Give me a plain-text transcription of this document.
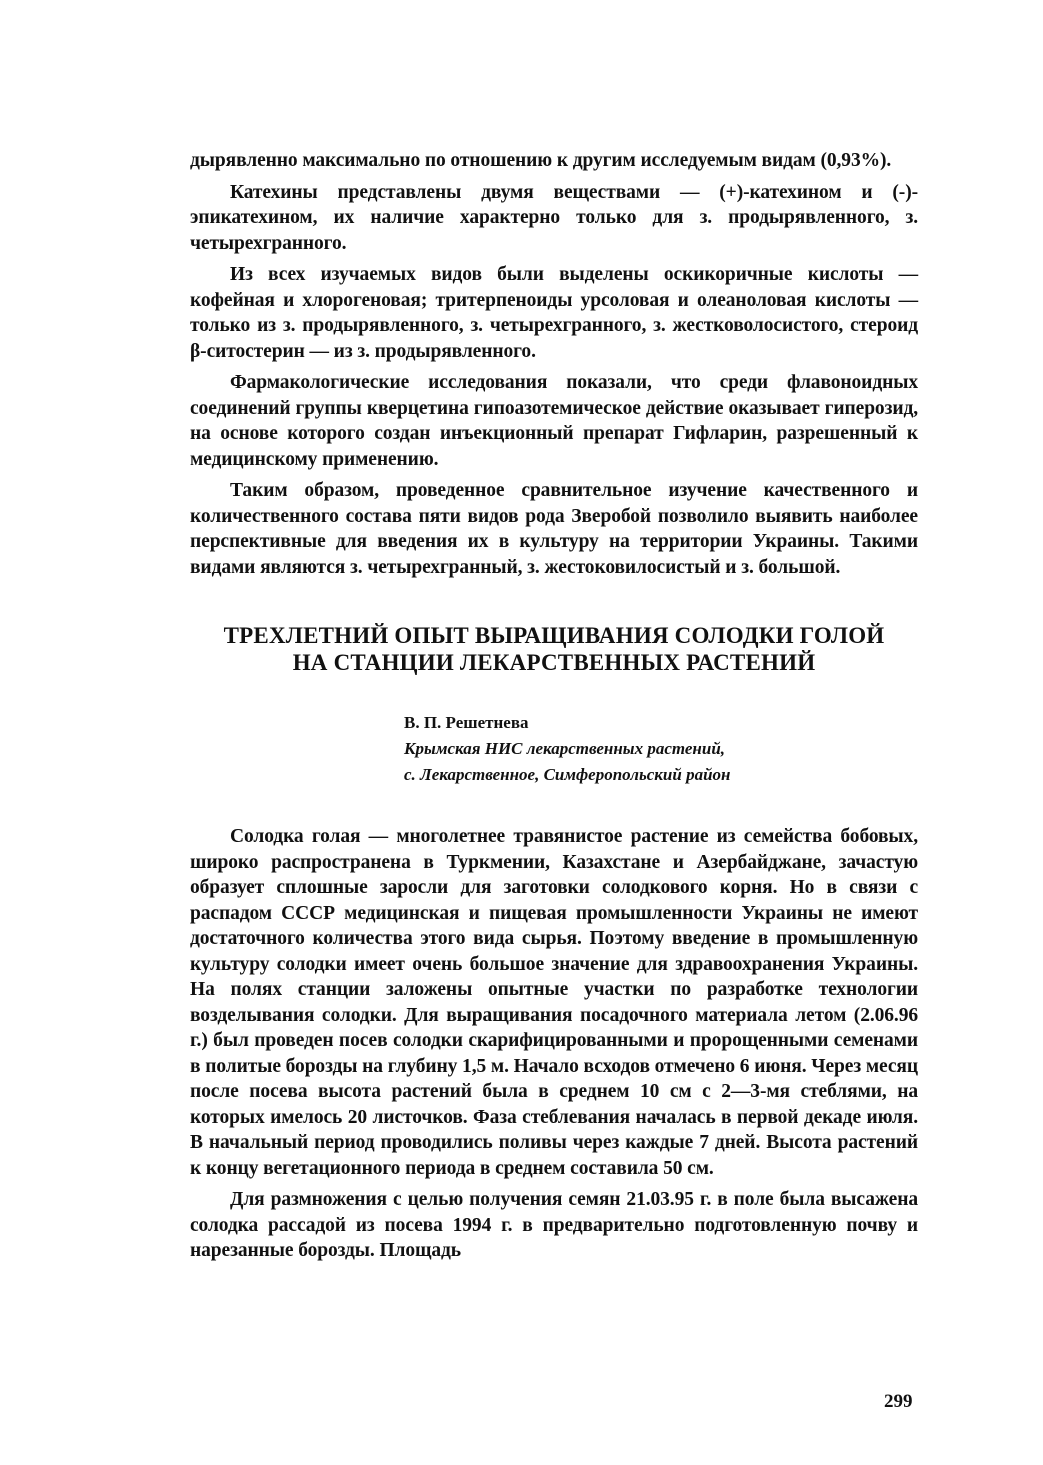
дырявленно максимально по отношению к другим исследуемым видам (0,93%).

Катехины представлены двумя веществами — (+)-катехином и (-)-эпикатехином, их наличие характерно только для з. продырявленного, з. четырехгранного.

Из всех изучаемых видов были выделены оскикоричные кислоты — кофейная и хлорогеновая; тритерпеноиды урсоловая и олеаноловая кислоты — только из з. продырявленного, з. четырехгранного, з. жестковолосистого, стероид β-ситостерин — из з. продырявленного.

Фармакологические исследования показали, что среди флавоноидных соединений группы кверцетина гипоазотемическое действие оказывает гиперозид, на основе которого создан инъекционный препарат Гифларин, разрешенный к медицинскому применению.

Таким образом, проведенное сравнительное изучение качественного и количественного состава пяти видов рода Зверобой позволило выявить наиболее перспективные для введения их в культуру на территории Украины. Такими видами являются з. четырехгранный, з. жестоковилосистый и з. большой.

ТРЕХЛЕТНИЙ ОПЫТ ВЫРАЩИВАНИЯ СОЛОДКИ ГОЛОЙ
НА СТАНЦИИ ЛЕКАРСТВЕННЫХ РАСТЕНИЙ
В. П. Решетнева
Крымская НИС лекарственных растений,
с. Лекарственное, Симферопольский район

Солодка голая — многолетнее травянистое растение из семейства бобовых, широко распространена в Туркмении, Казахстане и Азербайджане, зачастую образует сплошные заросли для заготовки солодкового корня. Но в связи с распадом СССР медицинская и пищевая промышленности Украины не имеют достаточного количества этого вида сырья. Поэтому введение в промышленную культуру солодки имеет очень большое значение для здравоохранения Украины. На полях станции заложены опытные участки по разработке технологии возделывания солодки. Для выращивания посадочного материала летом (2.06.96 г.) был проведен посев солодки скарифицированными и пророщенными семенами в политые борозды на глубину 1,5 м. Начало всходов отмечено 6 июня. Через месяц после посева высота растений была в среднем 10 см с 2—3-мя стеблями, на которых имелось 20 листочков. Фаза стеблевания началась в первой декаде июля. В начальный период проводились поливы через каждые 7 дней. Высота растений к концу вегетационного периода в среднем составила 50 см.

Для размножения с целью получения семян 21.03.95 г. в поле была высажена солодка рассадой из посева 1994 г. в предварительно подготовленную почву и нарезанные борозды. Площадь

299
